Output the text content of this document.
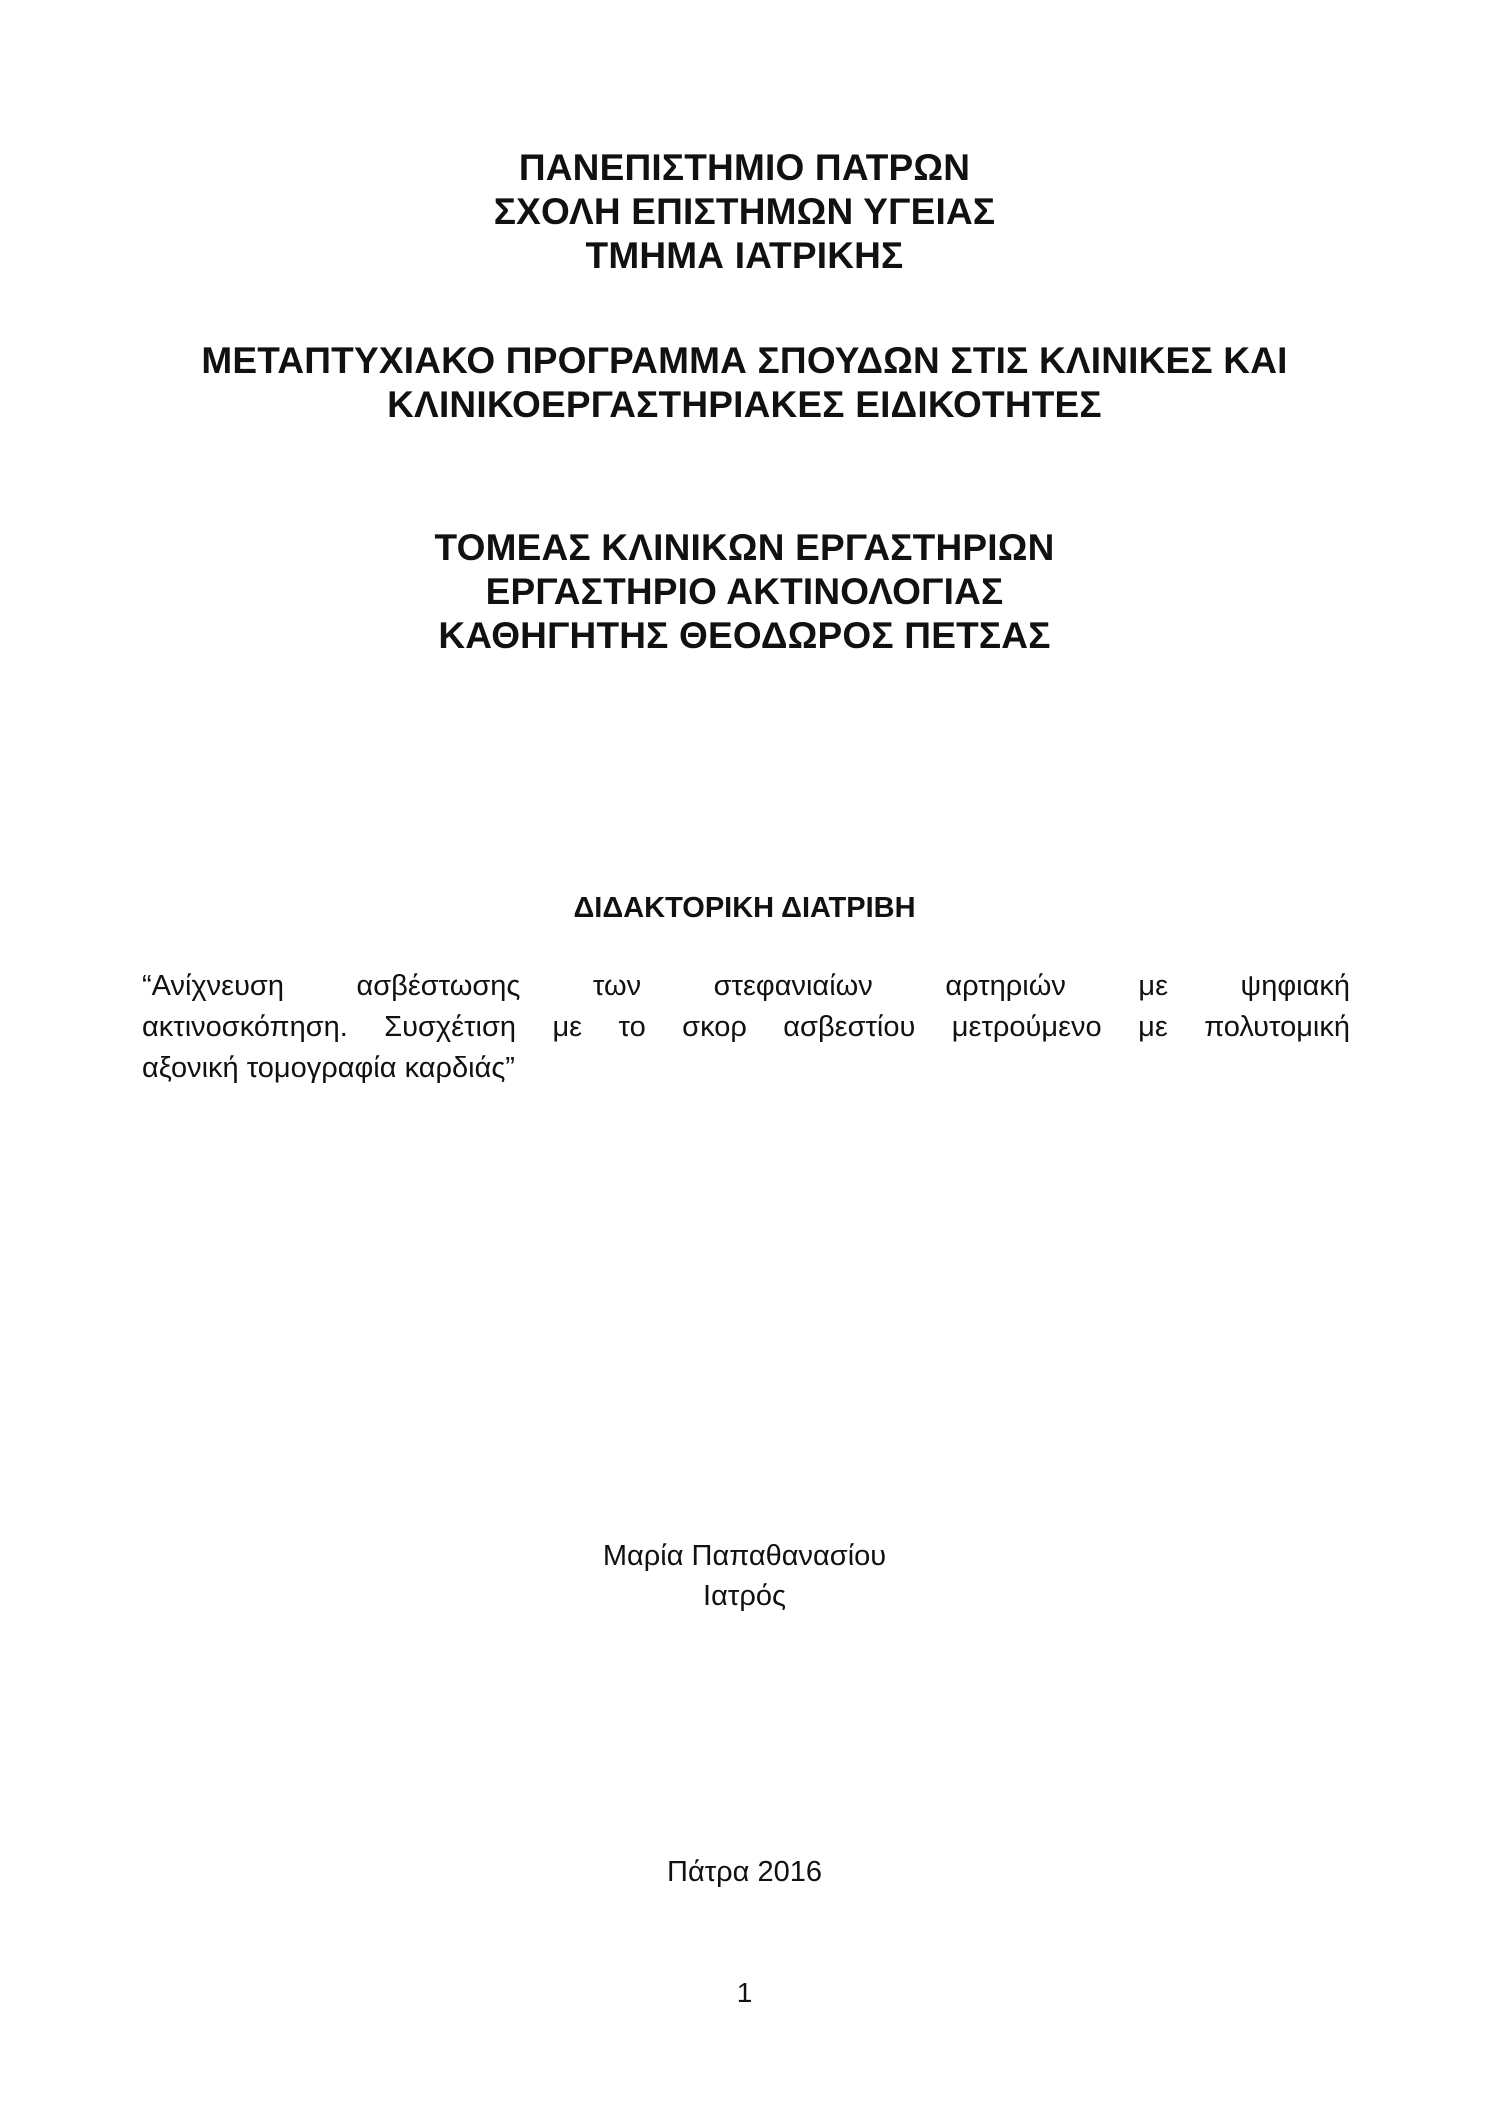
ΠΑΝΕΠΙΣΤΗΜΙΟ ΠΑΤΡΩΝ
ΣΧΟΛΗ ΕΠΙΣΤΗΜΩΝ ΥΓΕΙΑΣ
ΤΜΗΜΑ ΙΑΤΡΙΚΗΣ
ΜΕΤΑΠΤΥΧΙΑΚΟ ΠΡΟΓΡΑΜΜΑ ΣΠΟΥΔΩΝ ΣΤΙΣ ΚΛΙΝΙΚΕΣ ΚΑΙ
ΚΛΙΝΙΚΟΕΡΓΑΣΤΗΡΙΑΚΕΣ ΕΙΔΙΚΟΤΗΤΕΣ
ΤΟΜΕΑΣ ΚΛΙΝΙΚΩΝ ΕΡΓΑΣΤΗΡΙΩΝ
ΕΡΓΑΣΤΗΡΙΟ ΑΚΤΙΝΟΛΟΓΙΑΣ
ΚΑΘΗΓΗΤΗΣ ΘΕΟΔΩΡΟΣ ΠΕΤΣΑΣ
ΔΙΔΑΚΤΟΡΙΚΗ ΔΙΑΤΡΙΒΗ
“Ανίχνευση ασβέστωσης των στεφανιαίων αρτηριών με ψηφιακή
ακτινοσκόπηση. Συσχέτιση με το σκορ ασβεστίου μετρούμενο με πολυτομική
αξονική τομογραφία καρδιάς”
Μαρία Παπαθανασίου
Ιατρός
Πάτρα 2016
1
